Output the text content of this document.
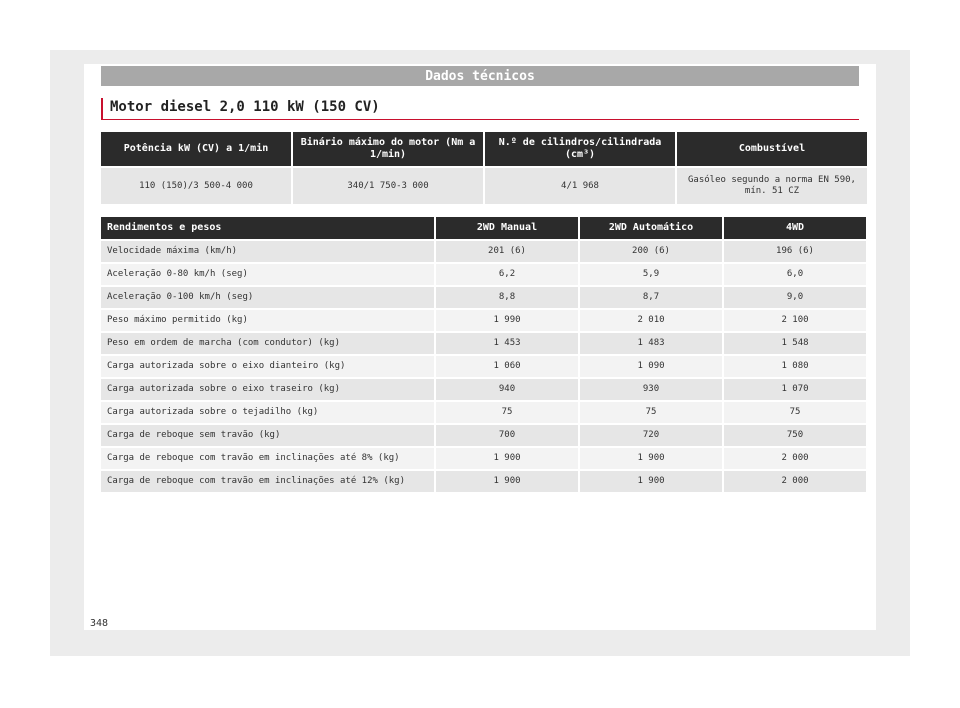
Dados técnicos
Motor diesel 2,0 110 kW (150 CV)
Potência kW (CV) a 1/min	Binário máximo do motor (Nm a 1/min)	N.º de cilindros/cilindrada (cm³)	Combustível
110 (150)/3 500-4 000	340/1 750-3 000	4/1 968	Gasóleo segundo a norma EN 590, mín. 51 CZ
Rendimentos e pesos	2WD Manual	2WD Automático	4WD
Velocidade máxima (km/h)	201 (6)	200 (6)	196 (6)
Aceleração 0-80 km/h (seg)	6,2	5,9	6,0
Aceleração 0-100 km/h (seg)	8,8	8,7	9,0
Peso máximo permitido (kg)	1 990	2 010	2 100
Peso em ordem de marcha (com condutor) (kg)	1 453	1 483	1 548
Carga autorizada sobre o eixo dianteiro (kg)	1 060	1 090	1 080
Carga autorizada sobre o eixo traseiro (kg)	940	930	1 070
Carga autorizada sobre o tejadilho (kg)	75	75	75
Carga de reboque sem travão (kg)	700	720	750
Carga de reboque com travão em inclinações até 8% (kg)	1 900	1 900	2 000
Carga de reboque com travão em inclinações até 12% (kg)	1 900	1 900	2 000
348
